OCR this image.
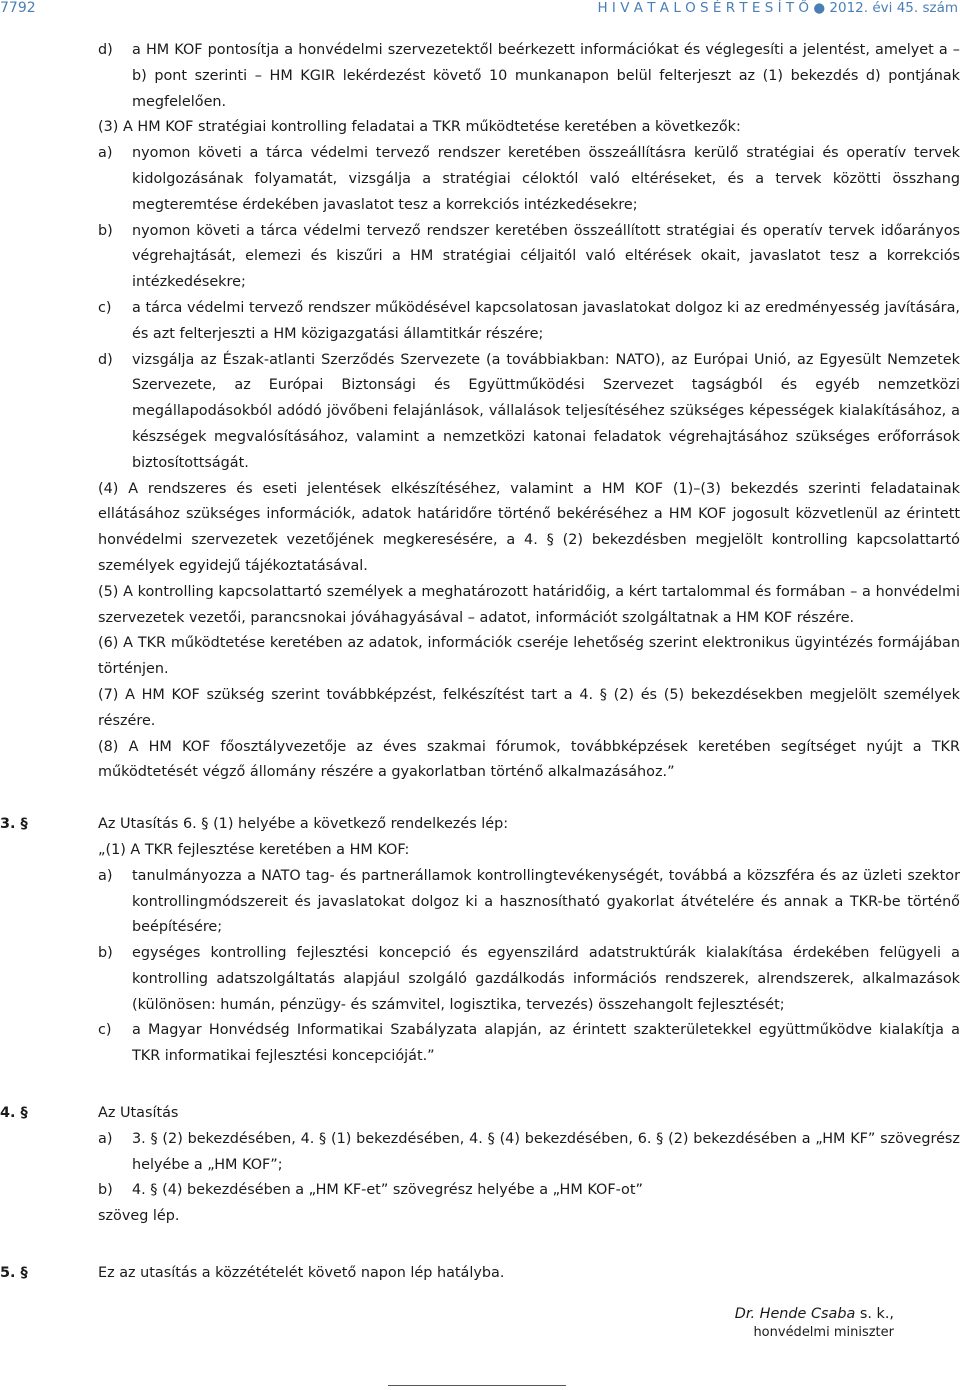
7792	H I V A T A L O S É R T E S Í T Ő ● 2012. évi 45. szám
d)	a HM KOF pontosítja a honvédelmi szervezetektől beérkezett információkat és véglegesíti a jelentést, amelyet a – b) pont szerinti – HM KGIR lekérdezést követő 10 munkanapon belül felterjeszt az (1) bekezdés d) pontjának megfelelően.

(3) A HM KOF stratégiai kontrolling feladatai a TKR működtetése keretében a következők:

a)	nyomon követi a tárca védelmi tervező rendszer keretében összeállításra kerülő stratégiai és operatív tervek kidolgozásának folyamatát, vizsgálja a stratégiai céloktól való eltéréseket, és a tervek közötti összhang megteremtése érdekében javaslatot tesz a korrekciós intézkedésekre;
b)	nyomon követi a tárca védelmi tervező rendszer keretében összeállított stratégiai és operatív tervek időarányos végrehajtását, elemezi és kiszűri a HM stratégiai céljaitól való eltérések okait, javaslatot tesz a korrekciós intézkedésekre;
c)	a tárca védelmi tervező rendszer működésével kapcsolatosan javaslatokat dolgoz ki az eredményesség javítására, és azt felterjeszti a HM közigazgatási államtitkár részére;
d)	vizsgálja az Észak-atlanti Szerződés Szervezete (a továbbiakban: NATO), az Európai Unió, az Egyesült Nemzetek Szervezete, az Európai Biztonsági és Együttműködési Szervezet tagságból és egyéb nemzetközi megállapodásokból adódó jövőbeni felajánlások, vállalások teljesítéséhez szükséges képességek kialakításához, a készségek megvalósításához, valamint a nemzetközi katonai feladatok végrehajtásához szükséges erőforrások biztosítottságát.

(4) A rendszeres és eseti jelentések elkészítéséhez, valamint a HM KOF (1)–(3) bekezdés szerinti feladatainak ellátásához szükséges információk, adatok határidőre történő bekéréséhez a HM KOF jogosult közvetlenül az érintett honvédelmi szervezetek vezetőjének megkeresésére, a 4. § (2) bekezdésben megjelölt kontrolling kapcsolattartó személyek egyidejű tájékoztatásával.

(5) A kontrolling kapcsolattartó személyek a meghatározott határidőig, a kért tartalommal és formában – a honvédelmi szervezetek vezetői, parancsnokai jóváhagyásával – adatot, információt szolgáltatnak a HM KOF részére.

(6) A TKR működtetése keretében az adatok, információk cseréje lehetőség szerint elektronikus ügyintézés formájában történjen.

(7) A HM KOF szükség szerint továbbképzést, felkészítést tart a 4. § (2) és (5) bekezdésekben megjelölt személyek részére.

(8) A HM KOF főosztályvezetője az éves szakmai fórumok, továbbképzések keretében segítséget nyújt a TKR működtetését végző állomány részére a gyakorlatban történő alkalmazásához.”

3. §	Az Utasítás 6. § (1) helyébe a következő rendelkezés lép:
„(1) A TKR fejlesztése keretében a HM KOF:
a)	tanulmányozza a NATO tag- és partnerállamok kontrollingtevékenységét, továbbá a közszféra és az üzleti szektor kontrollingmódszereit és javaslatokat dolgoz ki a hasznosítható gyakorlat átvételére és annak a TKR-be történő beépítésére;
b)	egységes kontrolling fejlesztési koncepció és egyenszilárd adatstruktúrák kialakítása érdekében felügyeli a kontrolling adatszolgáltatás alapjául szolgáló gazdálkodás információs rendszerek, alrendszerek, alkalmazások (különösen: humán, pénzügy- és számvitel, logisztika, tervezés) összehangolt fejlesztését;
c)	a Magyar Honvédség Informatikai Szabályzata alapján, az érintett szakterületekkel együttműködve kialakítja a TKR informatikai fejlesztési koncepcióját.”
4. §	Az Utasítás
a)	3. § (2) bekezdésében, 4. § (1) bekezdésében, 4. § (4) bekezdésében, 6. § (2) bekezdésében a „HM KF” szövegrész helyébe a „HM KOF”;
b)	4. § (4) bekezdésében a „HM KF-et” szövegrész helyébe a „HM KOF-ot”
szöveg lép.
5. §	Ez az utasítás a közzétételét követő napon lép hatályba.
Dr. Hende Csaba s. k.,
honvédelmi miniszter
